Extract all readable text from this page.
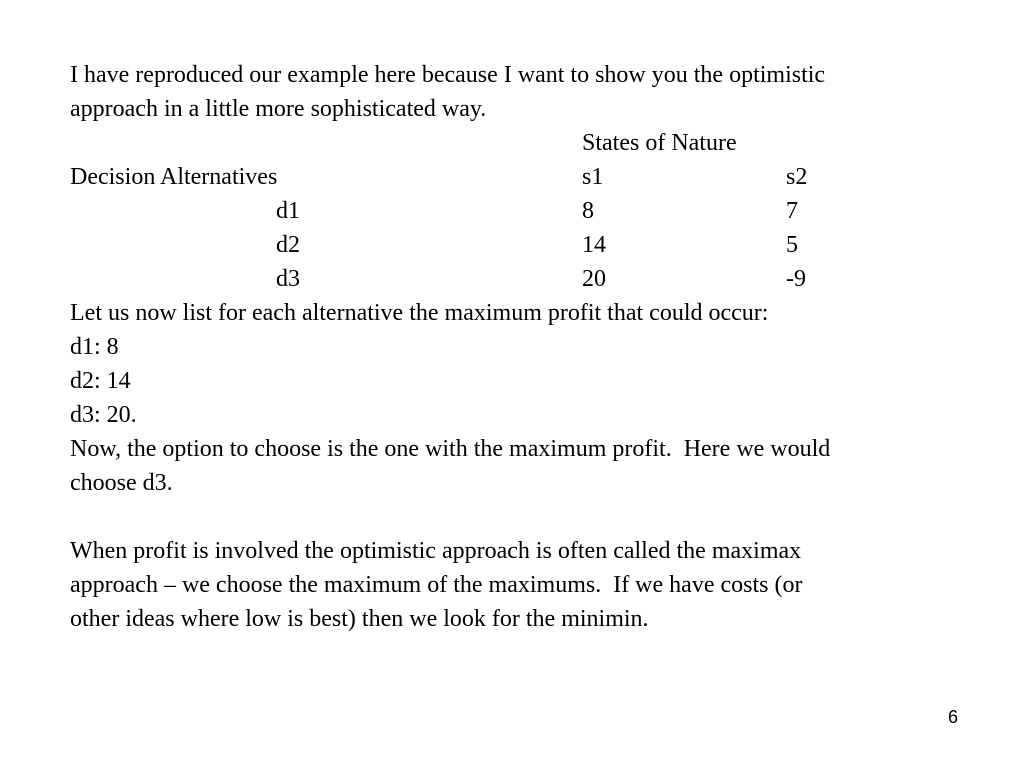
I have reproduced our example here because I want to show you the optimistic

approach in a little more sophisticated way.

States of Nature
Decision Alternatives	s1	s2
d1	8	7
d2	14	5
d3	20	-9

Let us now list for each alternative the maximum profit that could occur:

d1: 8

d2: 14

d3: 20.

Now, the option to choose is the one with the maximum profit.  Here we would

choose d3.

When profit is involved the optimistic approach is often called the maximax

approach – we choose the maximum of the maximums.  If we have costs (or

other ideas where low is best) then we look for the minimin.

6
